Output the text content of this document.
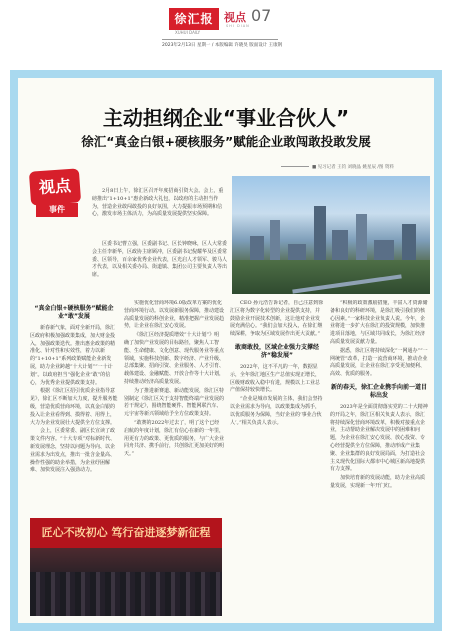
徐汇报
XUHUI DAILY
视点
SHI DIAN
07
2023年2月13日 星期一 / 本版编辑 许晓旻 版面设计 王康钢
主动担纲企业“事业合伙人”
徐汇“真金白银+硬核服务”赋能企业敢闯敢投敢发展
■ 见习记者 王钧 刘晓晶 姚星辰 /图 资料
视点
事件
2月8日上午，徐汇区召开年度招商引资大会。会上，重磅推出“1+10+1”惠企新政大礼包，以政府的主动担当作为，营造企业敢闯敢投的良好氛围，大力提振市场预期和信心，激发市场主体活力，为高质量发展提供坚实保障。
区委书记曹立强，区委副书记、区长钟晓咏，区人大常委会主任李新华，区政协主席顾冲，区委副书记倪耀华及区委常委、区领导，百余家优秀企业代表，区光启人才领军、骏马人才代表，以及相关委办局、街道镇、集团公司主要负责人等出席。
“真金白银+硬核服务”赋能企业“敢”发展

新春新气象，面对全新开局，徐汇区政府积极加强政策集成，加大财金投入，加强政策迭代。推出惠企政策的精准化、针对性和实效性，着力以新的“1+10+1”系列政策赋能企业新发展，助力企业跨越“十大计划”“一十计划”。以政府担当“强化企业“敢”的信心，为优秀企业提供政策支持。

根据《徐汇区招引优质企业指导意见》，徐汇区不断加大力度，提升服务能级，营造优质营商环境，以真金白银的投入让企业看得到、摸得着、用得上，大力为企业发展壮大提供全方位支撑。

会上，区委常委、副区长宣读了政策文件内容。“十大专项”对标新时代、新发展理念，坚持以问题为导向、以企业需求为出发点，推出一批含金量高、操作性强的助企举措，为企业纾困解难、加快发展注入强劲动力。

实施优化营商环境6.0版改革方案的优化营商环境行动。以发展新服务保障，推动建设高质量发展的科创企业，精准把握产业发展趋势，让企业在徐汇安心发展。

《徐汇区经济提质增效“十大计划”》明确了加快产业发展的目标路径，聚焦人工智能、生命健康、文化创意、现代服务业等重点领域，实施科技创新、数字经济、产业升级、总部集聚、招商引资、企业服务、人才引育、载体建设、金融赋能、开放合作等十大计划，持续推动经济高质量发展。

为了推进新赛道、新动能发展，徐汇区特别制定《徐汇区关于支持智能终端产业发展的若干规定》，围绕智能硬件、智能网联汽车、元宇宙等新兴领域给予全方位政策支持。

“敢赛的2022年过去了，明了这个已经启航的年度计划，徐汇有信心在新的一年里，用更有力的政策、更优质的服务，与广大企业同舟共济、携手前行，共创徐汇更加美好的明天。”

CEO 孙元浩告诉记者，自己注意到徐汇区将为数字化转型的企业提供支持，并鼓励企业开展技术创新，这让他对企业发展充满信心。“我们会加大投入，在徐汇继续深耕，争取为区域发展作出更大贡献。”

敢商敢投，区域企业强力支撑经济“稳发展”

2022年，这不平凡的一年，数据显示，全年徐汇地区生产总值实现正增长，区级财政收入稳中有进，规模以上工业总产值保持较快增长。

“企业是城市发展的主体，我们会坚持以企业需求为导向，以政策集成为抓手，以优质服务为保障，当好企业的‘事业合伙人’。”相关负责人表示。

“积极的政策激励措施，丰富人才资源储备和良好的科研环境，是徐汇吸引我们的核心因素。”一家科技企业负责人说。今年，企业将进一步扩大在徐汇的投资规模，加快推进项目落地，与区域共同成长，为徐汇经济高质量发展贡献力量。

据悉，徐汇区将持续深化“一网通办”“一网统管”改革，打造一流营商环境，推动企业高质量发展，让企业在徐汇享受更加便利、高效、优质的服务。

新的春天，徐汇企业携手向前一道目标出发

2023年是全面贯彻落实党的二十大精神的开局之年，徐汇区相关负责人表示，徐汇将持续深化营商环境改革，积极对接重点企业，主动帮助企业解决发展中的困难和问题，为企业在徐汇安心发展、放心投资、专心经营提供全方位保障，推动形成产业集聚、企业集群的良好发展局面，为打造社会主义现代化国际大都市中心城区新高地提供有力支撑。

加快培育新的发展动能，助力企业高质量发展，实现新一年开门红。

匠心不改初心 笃行奋进逐梦新征程
